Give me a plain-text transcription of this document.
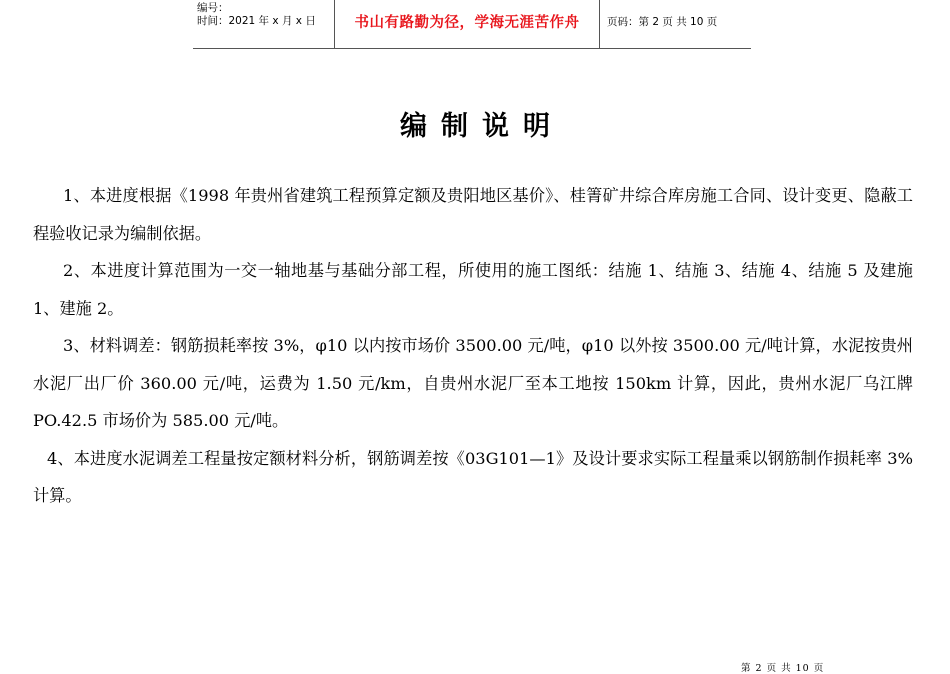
编号：
时间：2021 年 x 月 x 日	书山有路勤为径，学海无涯苦作舟	页码：第 2 页 共 10 页
编制说明

1、本进度根据《1998 年贵州省建筑工程预算定额及贵阳地区基价》、桂箐矿井综合库房施工合同、设计变更、隐蔽工程验收记录为编制依据。

2、本进度计算范围为一交一轴地基与基础分部工程，所使用的施工图纸：结施 1、结施 3、结施 4、结施 5 及建施 1、建施 2。

3、材料调差：钢筋损耗率按 3%，φ10 以内按市场价 3500.00 元/吨，φ10 以外按 3500.00 元/吨计算，水泥按贵州水泥厂出厂价 360.00 元/吨，运费为 1.50 元/km，自贵州水泥厂至本工地按 150km 计算，因此，贵州水泥厂乌江牌 PO.42.5 市场价为 585.00 元/吨。

4、本进度水泥调差工程量按定额材料分析，钢筋调差按《03G101—1》及设计要求实际工程量乘以钢筋制作损耗率 3%计算。

第 2 页 共 10 页
